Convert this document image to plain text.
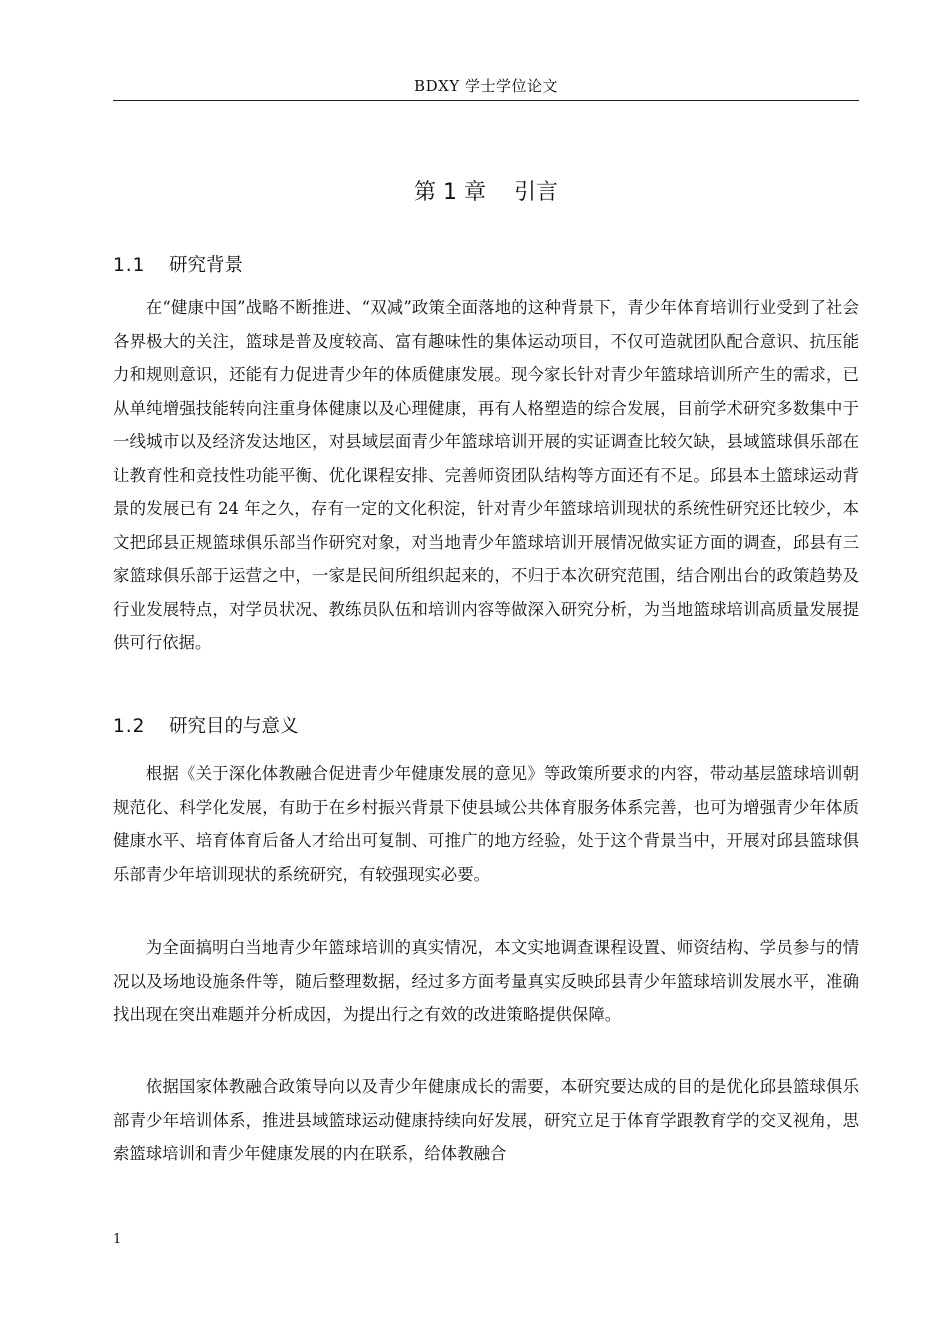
BDXY 学士学位论文
第 1 章 引言
1.1 研究背景

在“健康中国”战略不断推进、“双减”政策全面落地的这种背景下，青少年体育培训行业受到了社会各界极大的关注，篮球是普及度较高、富有趣味性的集体运动项目，不仅可造就团队配合意识、抗压能力和规则意识，还能有力促进青少年的体质健康发展。现今家长针对青少年篮球培训所产生的需求，已从单纯增强技能转向注重身体健康以及心理健康，再有人格塑造的综合发展，目前学术研究多数集中于一线城市以及经济发达地区，对县域层面青少年篮球培训开展的实证调查比较欠缺，县域篮球俱乐部在让教育性和竞技性功能平衡、优化课程安排、完善师资团队结构等方面还有不足。邱县本土篮球运动背景的发展已有 24 年之久，存有一定的文化积淀，针对青少年篮球培训现状的系统性研究还比较少，本文把邱县正规篮球俱乐部当作研究对象，对当地青少年篮球培训开展情况做实证方面的调查，邱县有三家篮球俱乐部于运营之中，一家是民间所组织起来的，不归于本次研究范围，结合刚出台的政策趋势及行业发展特点，对学员状况、教练员队伍和培训内容等做深入研究分析，为当地篮球培训高质量发展提供可行依据。

1.2 研究目的与意义

根据《关于深化体教融合促进青少年健康发展的意见》等政策所要求的内容，带动基层篮球培训朝规范化、科学化发展，有助于在乡村振兴背景下使县域公共体育服务体系完善，也可为增强青少年体质健康水平、培育体育后备人才给出可复制、可推广的地方经验，处于这个背景当中，开展对邱县篮球俱乐部青少年培训现状的系统研究，有较强现实必要。

为全面搞明白当地青少年篮球培训的真实情况，本文实地调查课程设置、师资结构、学员参与的情况以及场地设施条件等，随后整理数据，经过多方面考量真实反映邱县青少年篮球培训发展水平，准确找出现在突出难题并分析成因，为提出行之有效的改进策略提供保障。

依据国家体教融合政策导向以及青少年健康成长的需要，本研究要达成的目的是优化邱县篮球俱乐部青少年培训体系，推进县域篮球运动健康持续向好发展，研究立足于体育学跟教育学的交叉视角，思索篮球培训和青少年健康发展的内在联系，给体教融合

1
